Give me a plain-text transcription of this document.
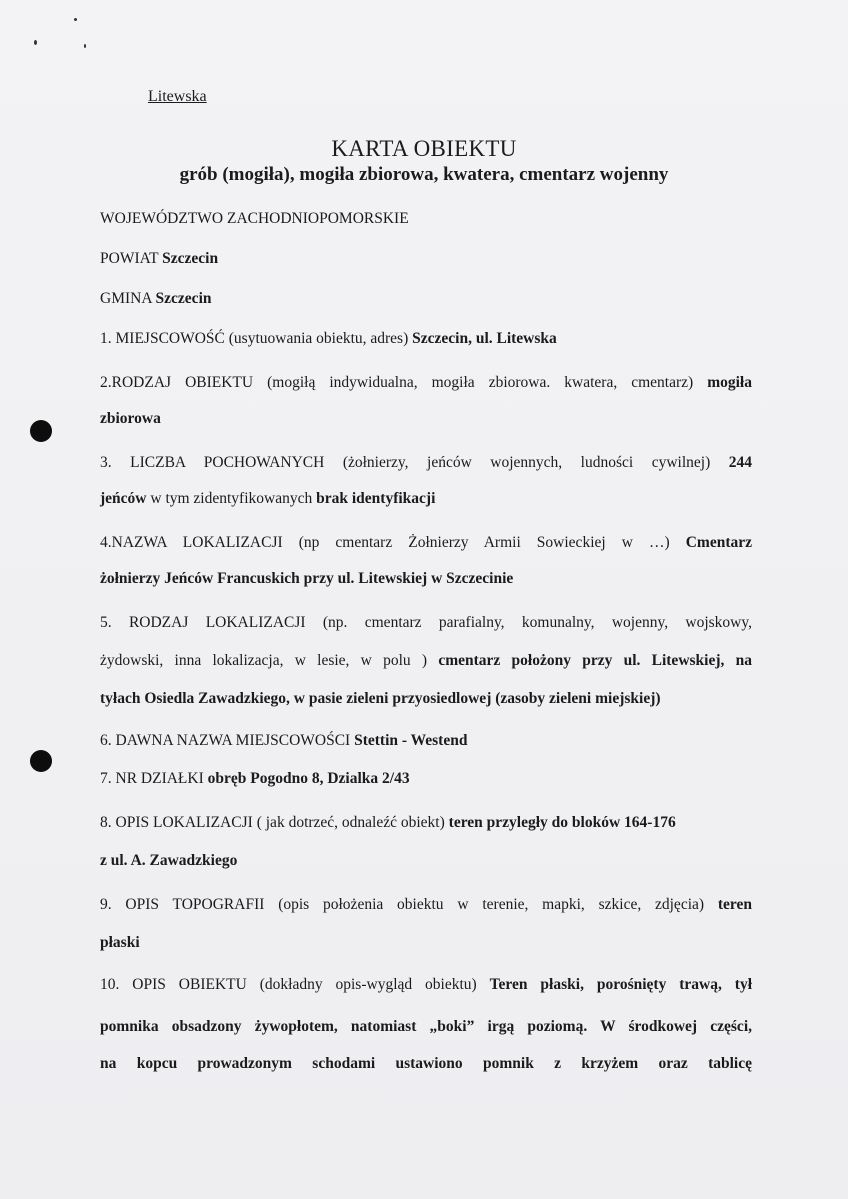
Litewska
KARTA OBIEKTU
grób (mogiła), mogiła zbiorowa, kwatera, cmentarz wojenny
WOJEWÓDZTWO ZACHODNIOPOMORSKIE
POWIAT Szczecin
GMINA Szczecin
1. MIEJSCOWOŚĆ (usytuowania obiektu, adres) Szczecin, ul. Litewska
2.RODZAJ OBIEKTU (mogiłą indywidualna, mogiła zbiorowa. kwatera, cmentarz) mogiła
zbiorowa
3. LICZBA POCHOWANYCH (żołnierzy, jeńców wojennych, ludności cywilnej) 244
jeńców w tym zidentyfikowanych brak identyfikacji
4.NAZWA LOKALIZACJI (np cmentarz Żołnierzy Armii Sowieckiej w …) Cmentarz
żołnierzy Jeńców Francuskich przy ul. Litewskiej w Szczecinie
5. RODZAJ LOKALIZACJI (np. cmentarz parafialny, komunalny, wojenny, wojskowy,
żydowski, inna lokalizacja, w lesie, w polu ) cmentarz położony przy ul. Litewskiej, na
tyłach Osiedla Zawadzkiego, w pasie zieleni przyosiedlowej (zasoby zieleni miejskiej)
6. DAWNA NAZWA MIEJSCOWOŚCI Stettin - Westend
7. NR DZIAŁKI obręb Pogodno 8, Dzialka 2/43
8. OPIS LOKALIZACJI ( jak dotrzeć, odnaleźć obiekt) teren przyległy do bloków 164-176
z ul. A. Zawadzkiego
9. OPIS TOPOGRAFII (opis położenia obiektu w terenie, mapki, szkice, zdjęcia) teren
płaski
10. OPIS OBIEKTU (dokładny opis-wygląd obiektu) Teren płaski, porośnięty trawą, tył
pomnika obsadzony żywopłotem, natomiast „boki” irgą poziomą. W środkowej części,
na kopcu prowadzonym schodami ustawiono pomnik z krzyżem oraz tablicę
